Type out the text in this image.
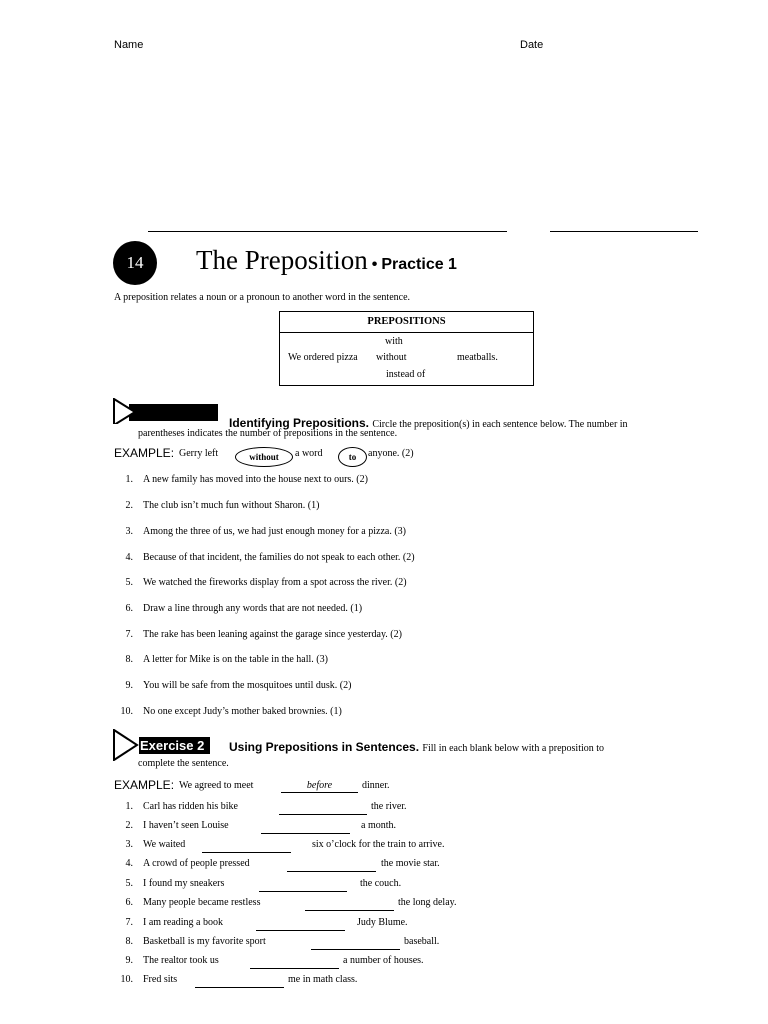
Name	Date
14 The Preposition • Practice 1
A preposition relates a noun or a pronoun to another word in the sentence.
PREPOSITIONS
We ordered pizza
with
without
instead of
meatballs.
Identifying Prepositions. Circle the preposition(s) in each sentence below. The number in
parentheses indicates the number of prepositions in the sentence.
EXAMPLE: Gerry left	without a word	to anyone. (2)
1. A new family has moved into the house next to ours. (2)
2. The club isn’t much fun without Sharon. (1)
3. Among the three of us, we had just enough money for a pizza. (3)
4. Because of that incident, the families do not speak to each other. (2)
5. We watched the fireworks display from a spot across the river. (2)
6. Draw a line through any words that are not needed. (1)
7. The rake has been leaning against the garage since yesterday. (2)
8. A letter for Mike is on the table in the hall. (3)
9. You will be safe from the mosquitoes until dusk. (2)
10. No one except Judy’s mother baked brownies. (1)
Exercise 2	Using Prepositions in Sentences. Fill in each blank below with a preposition to
complete the sentence.
EXAMPLE: We agreed to meet	before	dinner.
1. Carl has ridden his bike	the river.
2. I haven’t seen Louise	a month.
3. We waited	six o’clock for the train to arrive.
4. A crowd of people pressed	the movie star.
5. I found my sneakers	the couch.
6. Many people became restless	the long delay.
7. I am reading a book	Judy Blume.
8. Basketball is my favorite sport	baseball.
9. The realtor took us	a number of houses.
10. Fred sits	me in math class.
